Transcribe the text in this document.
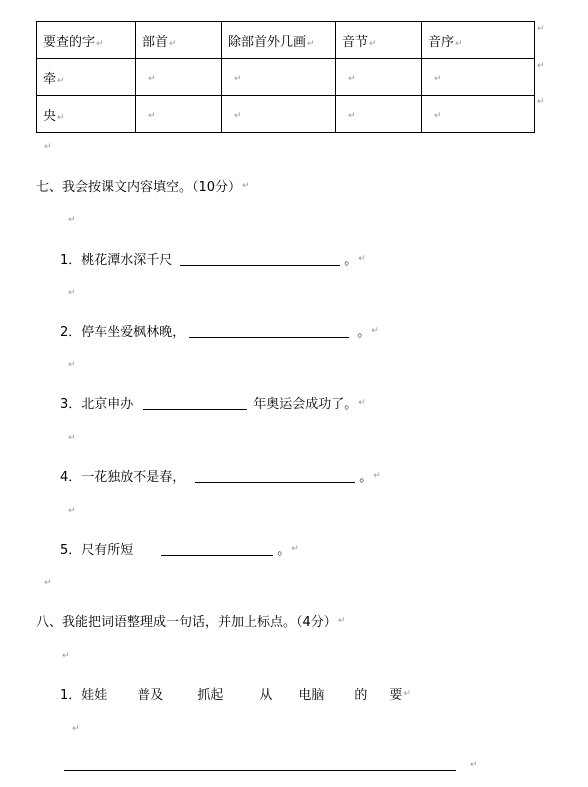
要查的字↵	部首↵	除部首外几画↵	音节↵	音序↵
牵↵	↵	↵	↵	↵
央↵	↵	↵	↵	↵
↵
↵
↵
↵
七、我会按课文内容填空。（10分） ↵
↵
1．桃花潭水深千尺	。 ↵
↵
2．停车坐爱枫林晚，	。 ↵
↵
3．北京申办	年奥运会成功了。 ↵
↵
4．一花独放不是春，	。 ↵
↵
5．尺有所短	。 ↵
↵
八、我能把词语整理成一句话，并加上标点。（4分） ↵
↵
1． 娃娃 普及	抓起	从 电脑 的 要 ↵
↵
↵
